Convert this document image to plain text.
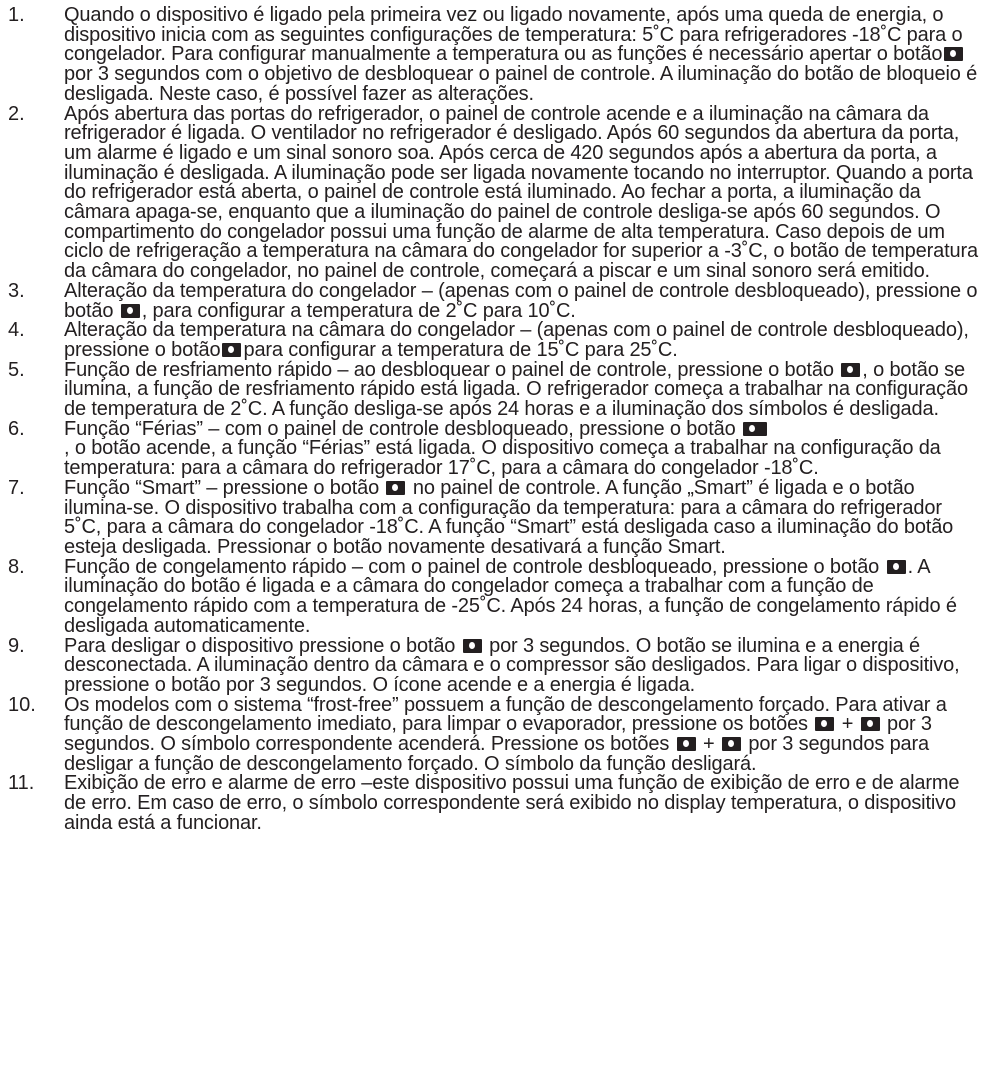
1.	Quando o dispositivo é ligado pela primeira vez ou ligado novamente, após uma queda de energia, o dispositivo inicia com as seguintes configurações de temperatura: 5˚C para refrigeradores -18˚C para o congelador. Para configurar manualmente a temperatura ou as funções é necessário apertar o botãopor 3 segundos com o objetivo de desbloquear o painel de controle. A iluminação do botão de bloqueio é desligada. Neste caso, é possível fazer as alterações.
2.	Após abertura das portas do refrigerador, o painel de controle acende e a iluminação na câmara da refrigerador é ligada. O ventilador no refrigerador é desligado. Após 60 segundos da abertura da porta, um alarme é ligado e um sinal sonoro soa. Após cerca de 420 segundos após a abertura da porta, a iluminação é desligada. A iluminação pode ser ligada novamente tocando no interruptor. Quando a porta do refrigerador está aberta, o painel de controle está iluminado. Ao fechar a porta, a iluminação da câmara apaga-se, enquanto que a iluminação do painel de controle desliga-se após 60 segundos. O compartimento do congelador possui uma função de alarme de alta temperatura. Caso depois de um ciclo de refrigeração a temperatura na câmara do congelador for superior a -3˚C, o botão de temperatura da câmara do congelador, no painel de controle, começará a piscar e um sinal sonoro será emitido.
3.	Alteração da temperatura do congelador – (apenas com o painel de controle desbloqueado), pressione o botão , para configurar a temperatura de 2˚C para 10˚C.
4.	Alteração da temperatura na câmara do congelador – (apenas com o painel de controle desbloqueado), pressione o botão para configurar a temperatura de 15˚C para 25˚C.
5.	Função de resfriamento rápido – ao desbloquear o painel de controle, pressione o botão , o botão se ilumina, a função de resfriamento rápido está ligada. O refrigerador começa a trabalhar na configuração de temperatura de 2˚C. A função desliga-se após 24 horas e a iluminação dos símbolos é desligada.
6.	Função “Férias” – com o painel de controle desbloqueado, pressione o botão
, o botão acende, a função “Férias” está ligada. O dispositivo começa a trabalhar na configuração da temperatura: para a câmara do refrigerador 17˚C, para a câmara do congelador -18˚C.
7.	Função “Smart” – pressione o botão  no painel de controle. A função „Smart” é ligada e o botão ilumina-se. O dispositivo trabalha com a configuração da temperatura: para a câmara do refrigerador 5˚C, para a câmara do congelador -18˚C. A função “Smart” está desligada caso a iluminação do botão esteja desligada. Pressionar o botão novamente desativará a função Smart.
8.	Função de congelamento rápido – com o painel de controle desbloqueado, pressione o botão . A iluminação do botão é ligada e a câmara do congelador começa a trabalhar com a função de congelamento rápido com a temperatura de -25˚C. Após 24 horas, a função de congelamento rápido é desligada automaticamente.
9.	Para desligar o dispositivo pressione o botão  por 3 segundos. O botão se ilumina e a energia é desconectada. A iluminação dentro da câmara e o compressor são desligados. Para ligar o dispositivo, pressione o botão por 3 segundos. O ícone acende e a energia é ligada.
10.	Os modelos com o sistema “frost-free” possuem a função de descongelamento forçado. Para ativar a função de descongelamento imediato, para limpar o evaporador, pressione os botões  +  por 3 segundos. O símbolo correspondente acenderá. Pressione os botões  +  por 3 segundos para desligar a função de descongelamento forçado. O símbolo da função desligará.
11.	Exibição de erro e alarme de erro –este dispositivo possui uma função de exibição de erro e de alarme de erro. Em caso de erro, o símbolo correspondente será exibido no display temperatura, o dispositivo ainda está a funcionar.
